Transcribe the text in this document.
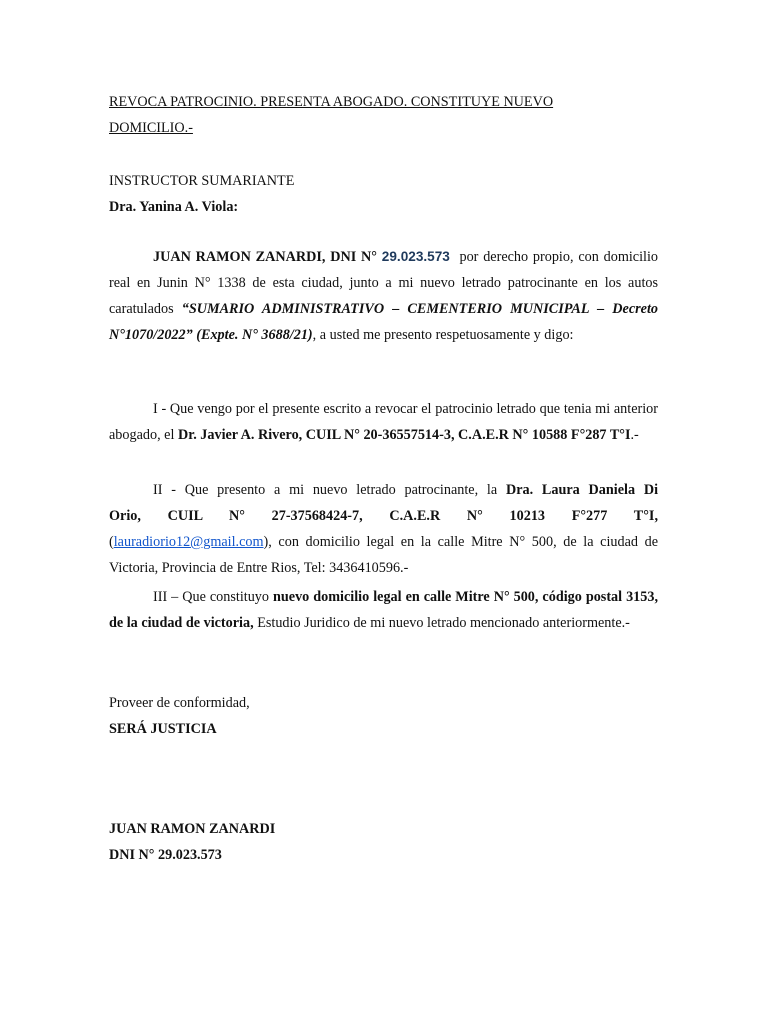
REVOCA PATROCINIO. PRESENTA ABOGADO. CONSTITUYE NUEVO
DOMICILIO.-
INSTRUCTOR SUMARIANTE
Dra. Yanina A. Viola:
JUAN RAMON ZANARDI, DNI N° 29.023.573 por derecho propio, con domicilio real en Junin N° 1338 de esta ciudad, junto a mi nuevo letrado patrocinante en los autos caratulados “SUMARIO ADMINISTRATIVO – CEMENTERIO MUNICIPAL – Decreto N°1070/2022” (Expte. N° 3688/21), a usted me presento respetuosamente y digo:
I - Que vengo por el presente escrito a revocar el patrocinio letrado que tenia mi anterior abogado, el Dr. Javier A. Rivero, CUIL N° 20-36557514-3, C.A.E.R N° 10588 F°287 T°I.-
II - Que presento a mi nuevo letrado patrocinante, la Dra. Laura Daniela Di
Orio, CUIL N° 27-37568424-7, C.A.E.R N° 10213 F°277 T°I,
(lauradiorio12@gmail.com), con domicilio legal en la calle Mitre N° 500, de la ciudad de Victoria, Provincia de Entre Rios, Tel: 3436410596.-
III – Que constituyo nuevo domicilio legal en calle Mitre N° 500, código postal 3153, de la ciudad de victoria, Estudio Juridico de mi nuevo letrado mencionado anteriormente.-
Proveer de conformidad,
SERÁ JUSTICIA
JUAN RAMON ZANARDI
DNI N° 29.023.573
